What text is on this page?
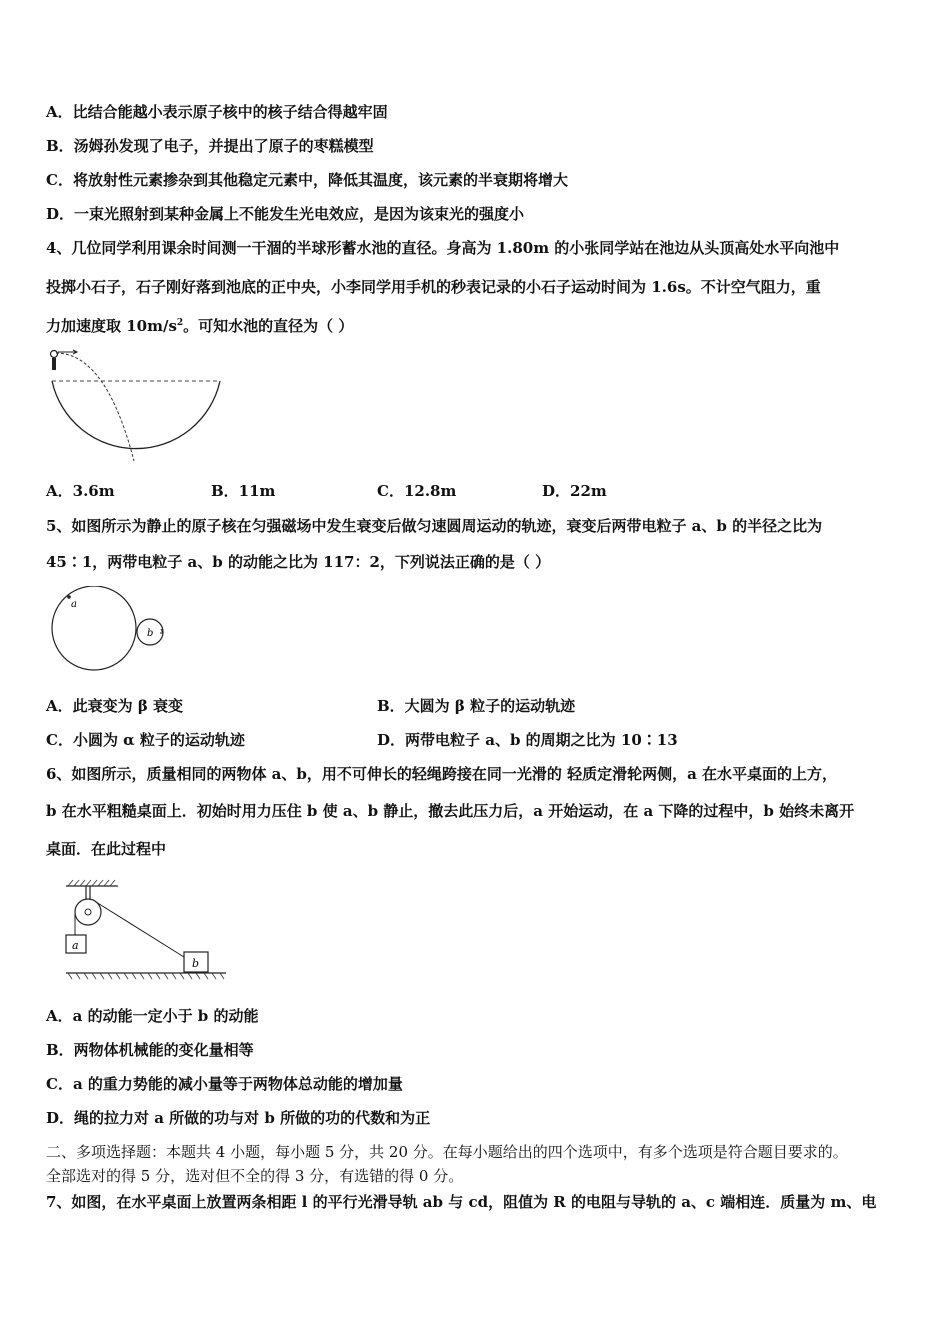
A．比结合能越小表示原子核中的核子结合得越牢固
B．汤姆孙发现了电子，并提出了原子的枣糕模型
C．将放射性元素掺杂到其他稳定元素中，降低其温度，该元素的半衰期将增大
D．一束光照射到某种金属上不能发生光电效应，是因为该束光的强度小
4、几位同学利用课余时间测一干涸的半球形蓄水池的直径。身高为 1.80m 的小张同学站在池边从头顶高处水平向池中
投掷小石子，石子刚好落到池底的正中央，小李同学用手机的秒表记录的小石子运动时间为 1.6s。不计空气阻力，重
力加速度取 $10m/s^2$。可知水池的直径为（ ）
A．3.6m	B．11m	C．12.8m	D．22m
5、如图所示为静止的原子核在匀强磁场中发生衰变后做匀速圆周运动的轨迹，衰变后两带电粒子 a、b 的半径之比为
45∶1，两带电粒子 a、b 的动能之比为 117：2，下列说法正确的是（ ）
a
b
A．此衰变为 β 衰变	B．大圆为 β 粒子的运动轨迹
C．小圆为 α 粒子的运动轨迹	D．两带电粒子 a、b 的周期之比为 10∶13
6、如图所示，质量相同的两物体 a、b，用不可伸长的轻绳跨接在同一光滑的 轻质定滑轮两侧，a 在水平桌面的上方，
b 在水平粗糙桌面上．初始时用力压住 b 使 a、b 静止，撤去此压力后，a 开始运动，在 a 下降的过程中，b 始终未离开
桌面．在此过程中
a
b
A．a 的动能一定小于 b 的动能
B．两物体机械能的变化量相等
C．a 的重力势能的减小量等于两物体总动能的增加量
D．绳的拉力对 a 所做的功与对 b 所做的功的代数和为正
二、多项选择题：本题共 4 小题，每小题 5 分，共 20 分。在每小题给出的四个选项中，有多个选项是符合题目要求的。
全部选对的得 5 分，选对但不全的得 3 分，有选错的得 0 分。
7、如图，在水平桌面上放置两条相距 l 的平行光滑导轨 ab 与 cd，阻值为 R 的电阻与导轨的 a、c 端相连．质量为 m、电
